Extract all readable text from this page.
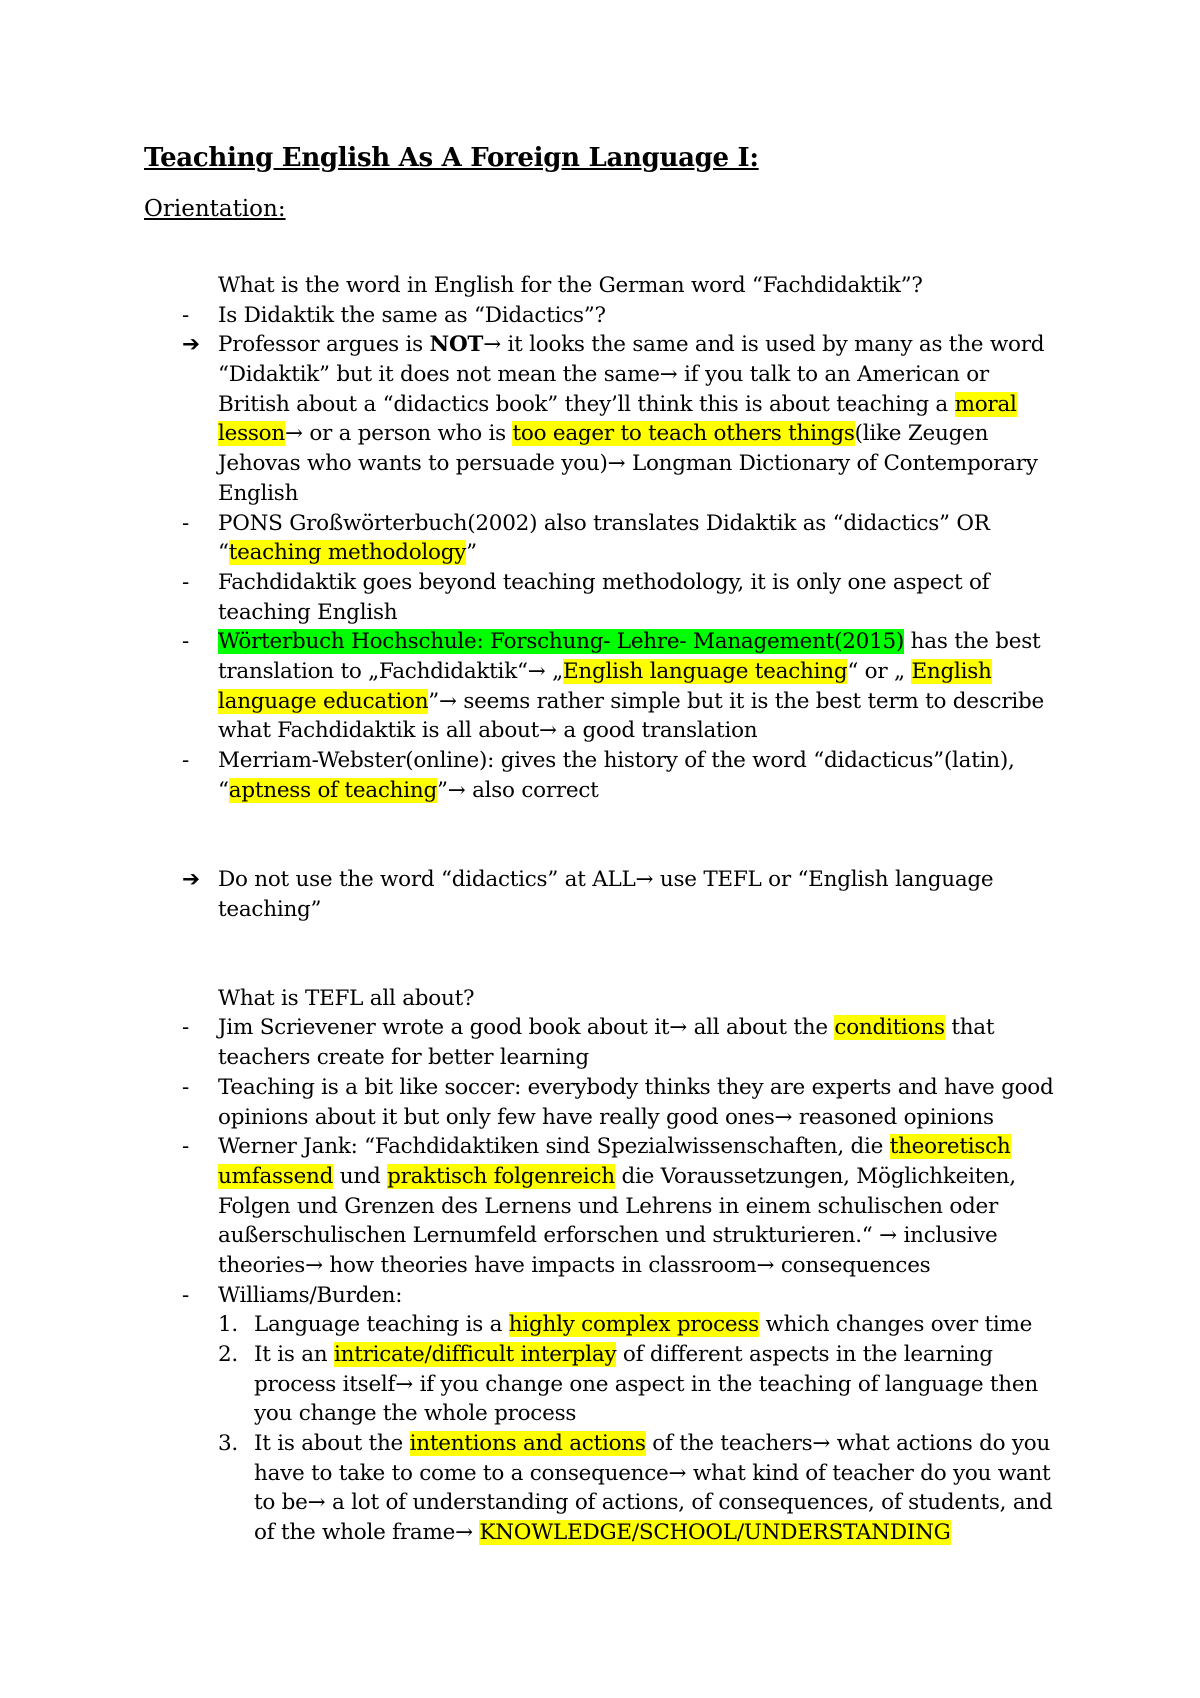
Teaching English As A Foreign Language I:
Orientation:
What is the word in English for the German word “Fachdidaktik”?
-	Is Didaktik the same as “Didactics”?
➔ Professor argues is NOT→ it looks the same and is used by many as the word
“Didaktik” but it does not mean the same→ if you talk to an American or
British about a “didactics book” they’ll think this is about teaching a moral
lesson→ or a person who is too eager to teach others things(like Zeugen
Jehovas who wants to persuade you)→ Longman Dictionary of Contemporary
English
-	PONS Großwörterbuch(2002) also translates Didaktik as “didactics” OR
“teaching methodology”
-	Fachdidaktik goes beyond teaching methodology, it is only one aspect of
teaching English
-	Wörterbuch Hochschule: Forschung- Lehre- Management(2015) has the best
translation to „Fachdidaktik“→ „English language teaching“ or „ English
language education”→ seems rather simple but it is the best term to describe
what Fachdidaktik is all about→ a good translation
-	Merriam-Webster(online): gives the history of the word “didacticus”(latin),
“aptness of teaching”→ also correct
➔ Do not use the word “didactics” at ALL→ use TEFL or “English language
teaching”
What is TEFL all about?
-	Jim Scrievener wrote a good book about it→ all about the conditions that
teachers create for better learning
-	Teaching is a bit like soccer: everybody thinks they are experts and have good
opinions about it but only few have really good ones→ reasoned opinions
-	Werner Jank: “Fachdidaktiken sind Spezialwissenschaften, die theoretisch
umfassend und praktisch folgenreich die Voraussetzungen, Möglichkeiten,
Folgen und Grenzen des Lernens und Lehrens in einem schulischen oder
außerschulischen Lernumfeld erforschen und strukturieren.“ → inclusive
theories→ how theories have impacts in classroom→ consequences
-	Williams/Burden:
1. Language teaching is a highly complex process which changes over time
2. It is an intricate/difficult interplay of different aspects in the learning
process itself→ if you change one aspect in the teaching of language then
you change the whole process
3. It is about the intentions and actions of the teachers→ what actions do you
have to take to come to a consequence→ what kind of teacher do you want
to be→ a lot of understanding of actions, of consequences, of students, and
of the whole frame→ KNOWLEDGE/SCHOOL/UNDERSTANDING
